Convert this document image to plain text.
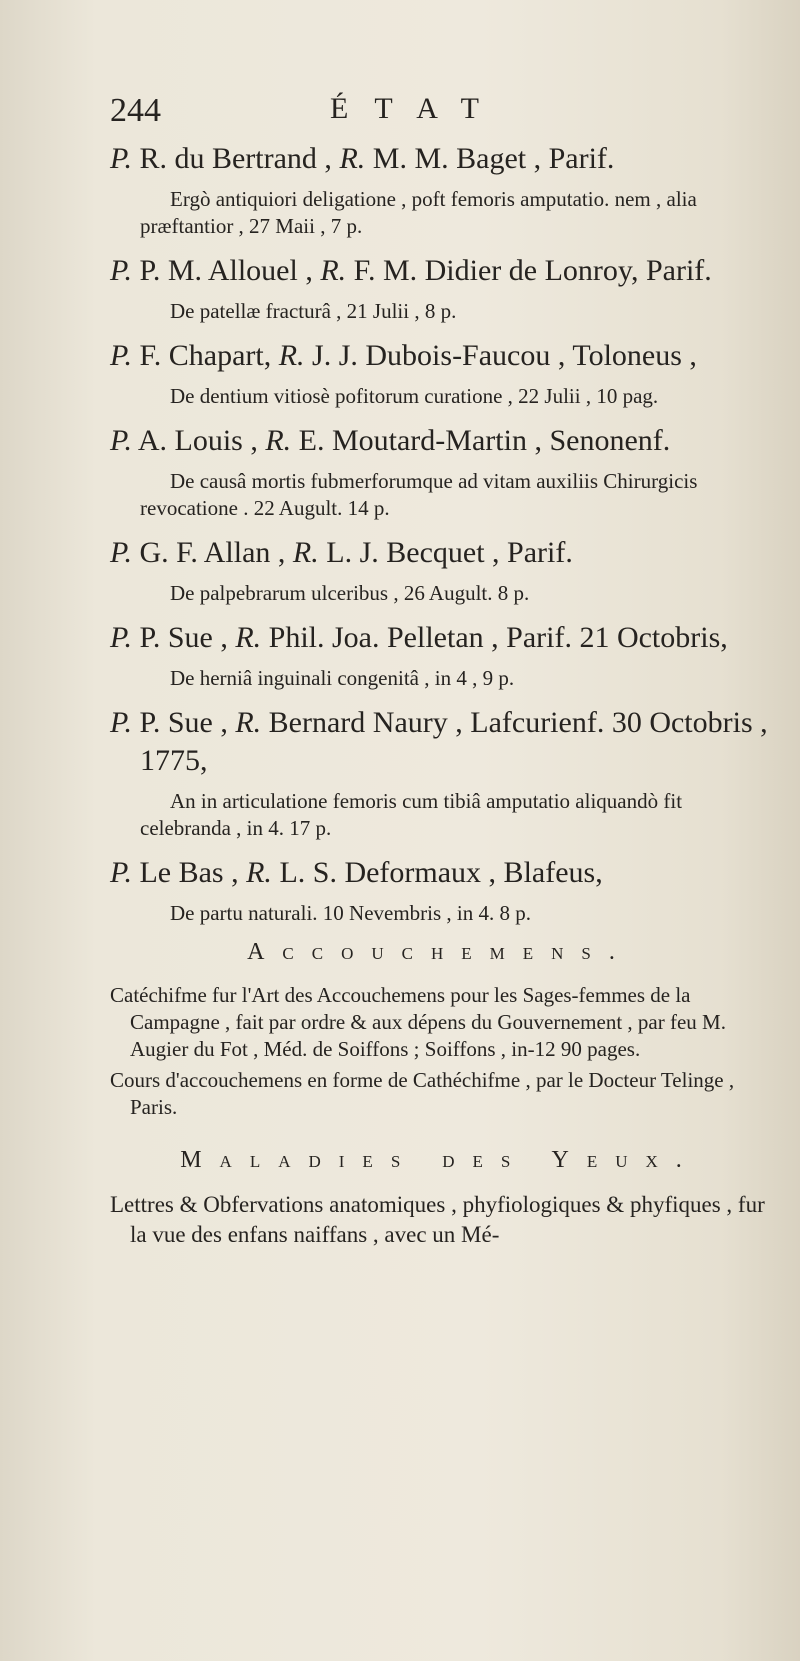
244	ÉTAT

P. R. du Bertrand , R. M. M. Baget , Parif.

Ergò antiquiori deligatione , poft femoris amputatio. nem , alia præftantior , 27 Maii , 7 p.

P. P. M. Allouel , R. F. M. Didier de Lonroy, Parif.

De patellæ fracturâ , 21 Julii , 8 p.

P. F. Chapart, R. J. J. Dubois-Faucou , Toloneus ,

De dentium vitiosè pofitorum curatione , 22 Julii , 10 pag.

P. A. Louis , R. E. Moutard-Martin , Senonenf.

De causâ mortis fubmerforumque ad vitam auxiliis Chirurgicis revocatione . 22 Augult. 14 p.

P. G. F. Allan , R. L. J. Becquet , Parif.

De palpebrarum ulceribus , 26 Augult. 8 p.

P. P. Sue , R. Phil. Joa. Pelletan , Parif. 21 Octobris,

De herniâ inguinali congenitâ , in 4 , 9 p.

P. P. Sue , R. Bernard Naury , Lafcurienf. 30 Octobris , 1775,

An in articulatione femoris cum tibiâ amputatio aliquandò fit celebranda , in 4. 17 p.

P. Le Bas , R. L. S. Deformaux , Blafeus,

De partu naturali. 10 Nevembris , in 4. 8 p.

Accouchemens.

Catéchifme fur l'Art des Accouchemens pour les Sages-femmes de la Campagne , fait par ordre & aux dépens du Gouvernement , par feu M. Augier du Fot , Méd. de Soiffons ; Soiffons , in-12 90 pages.

Cours d'accouchemens en forme de Cathéchifme , par le Docteur Telinge , Paris.

Maladies des Yeux.

Lettres & Obfervations anatomiques , phyfiologiques & phyfiques , fur la vue des enfans naiffans , avec un Mé-
